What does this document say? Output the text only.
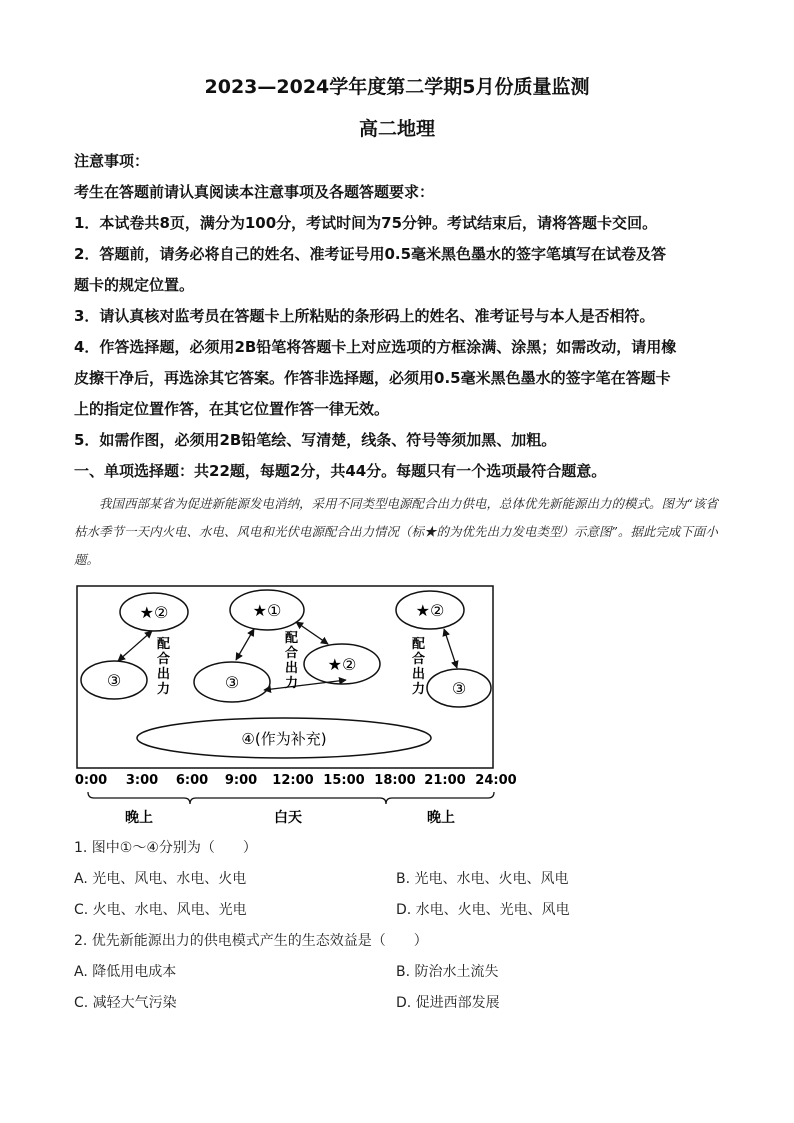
2023—2024学年度第二学期5月份质量监测
高二地理

注意事项：

考生在答题前请认真阅读本注意事项及各题答题要求：

1．本试卷共8页，满分为100分，考试时间为75分钟。考试结束后，请将答题卡交回。

2．答题前，请务必将自己的姓名、准考证号用0.5毫米黑色墨水的签字笔填写在试卷及答

题卡的规定位置。

3．请认真核对监考员在答题卡上所粘贴的条形码上的姓名、准考证号与本人是否相符。

4．作答选择题，必须用2B铅笔将答题卡上对应选项的方框涂满、涂黑；如需改动，请用橡

皮擦干净后，再选涂其它答案。作答非选择题，必须用0.5毫米黑色墨水的签字笔在答题卡

上的指定位置作答，在其它位置作答一律无效。

5．如需作图，必须用2B铅笔绘、写清楚，线条、符号等须加黑、加粗。

一、单项选择题：共22题，每题2分，共44分。每题只有一个选项最符合题意。

我国西部某省为促进新能源发电消纳，采用不同类型电源配合出力供电，总体优先新能源出力的模式。图为“该省枯水季节一天内火电、水电、风电和光伏电源配合出力情况（标★的为优先出力发电类型）示意图”。据此完成下面小题。
★②
③
配
合
出
力
★①
★②
③
配
合
出
力
★②
③
配
合
出
力
④(作为补充)
0:00 3:00 6:00 9:00 12:00 15:00 18:00 21:00 24:00
晚上	白天	晚上
1. 图中①～④分别为（　　）
A. 光电、风电、水电、火电	B. 光电、水电、火电、风电
C. 火电、水电、风电、光电	D. 水电、火电、光电、风电
2. 优先新能源出力的供电模式产生的生态效益是（　　）
A. 降低用电成本	B. 防治水土流失
C. 减轻大气污染	D. 促进西部发展
